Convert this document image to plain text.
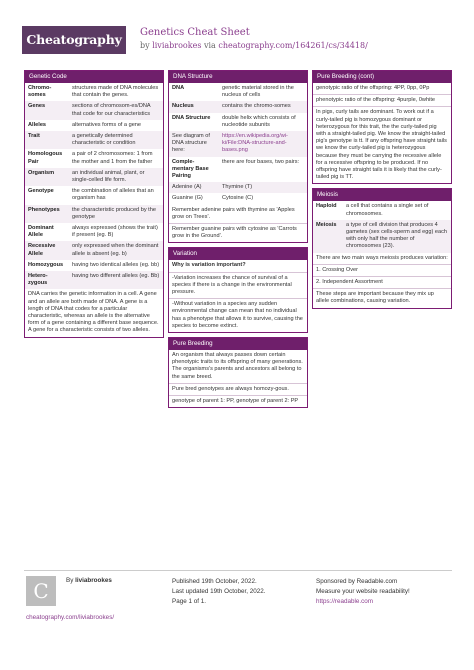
Cheatography	Genetics Cheat Sheet
by liviabrookes via cheatography.com/164261/cs/34418/
Genetic Code
Chromo-somes	structures made of DNA molecules that contain the genes.
Genes	sections of chromosom-es/DNA that code for our characteristics
Alleles	alternatives forms of a gene
Trait	a genetically determined characteristic or condition
Homologous Pair	a pair of 2 chromosomes: 1 from the mother and 1 from the father
Organism	an individual animal, plant, or single-celled life form.
Genotype	the combination of alleles that an organism has
Phenotypes	the characteristic produced by the genotype
Dominant Allele	always expressed (shows the trait) if present (eg. B)
Recessive Allele	only expressed when the dominant allele is absent (eg. b)
Homozygous	having two identical alleles (eg. bb)
Hetero-zygous	having two different alleles (eg. Bb)
DNA carries the genetic information in a cell. A gene and an allele are both made of DNA. A gene is a length of DNA that codes for a particular characteristic, whereas an allele is the alternative form of a gene containing a different base sequence. A gene for a characteristic consists of two alleles.
DNA Structure
DNA	genetic material stored in the nucleus of cells
Nucleus	contains the chromo-somes
DNA Structure	double helix which consists of nucleotide subunits
See diagram of DNA structure here:	https://en.wikipedia.org/wi-ki/File:DNA-structure-and-bases.png
Comple-mentary Base Pairing	there are four bases, two pairs:
Adenine (A)	Thymine (T)
Guanine (G)	Cytosine (C)
Remember adenine pairs with thymine as 'Apples grow on Trees'.
Remember guanine pairs with cytosine as 'Carrots grow in the Ground'.
Variation
Why is variation important?
-Variation increases the chance of survival of a species if there is a change in the environmental pressure.
-Without variation in a species any sudden environmental change can mean that no individual has a phenotype that allows it to survive, causing the species to become extinct.
Pure Breeding
An organism that always passes down certain phenotypic traits to its offspring of many generations. The organisms's parents and ancestors all belong to the same breed.
Pure bred genotypes are always homozy-gous.
genotype of parent 1: PP, genotype of parent 2: PP
Pure Breeding (cont)
genotypic ratio of the offspring: 4PP, 0pp, 0Pp
phenotypic ratio of the offspring: 4purple, 0white
In pigs, curly tails are dominant. To work out if a curly-tailed pig is homozygous dominant or heterozygous for this trait, the the curly-tailed pig with a straight-tailed pig. We know the straight-tailed pig's genotype is tt. If any offspring have straight tails we know the curly-tailed pig is heterozygous because they must be carrying the recessive allele for a recessive offspring to be produced. If no offspring have straight tails it is likely that the curly-tailed pig is TT.
Meiosis
Haploid	a cell that contains a single set of chromosomes.
Meiosis	a type of cell division that produces 4 gametes (sex cells-sperm and egg) each with only half the number of chromosomes (23).
There are two main ways meiosis produces variation:
1. Crossing Over
2. Independent Assortment
These steps are important because they mix up allele combinations, causing variation.
C	By liviabrookes
cheatography.com/liviabrookes/
Published 19th October, 2022.
Last updated 19th October, 2022.
Page 1 of 1.
Sponsored by Readable.com
Measure your website readability!
https://readable.com
